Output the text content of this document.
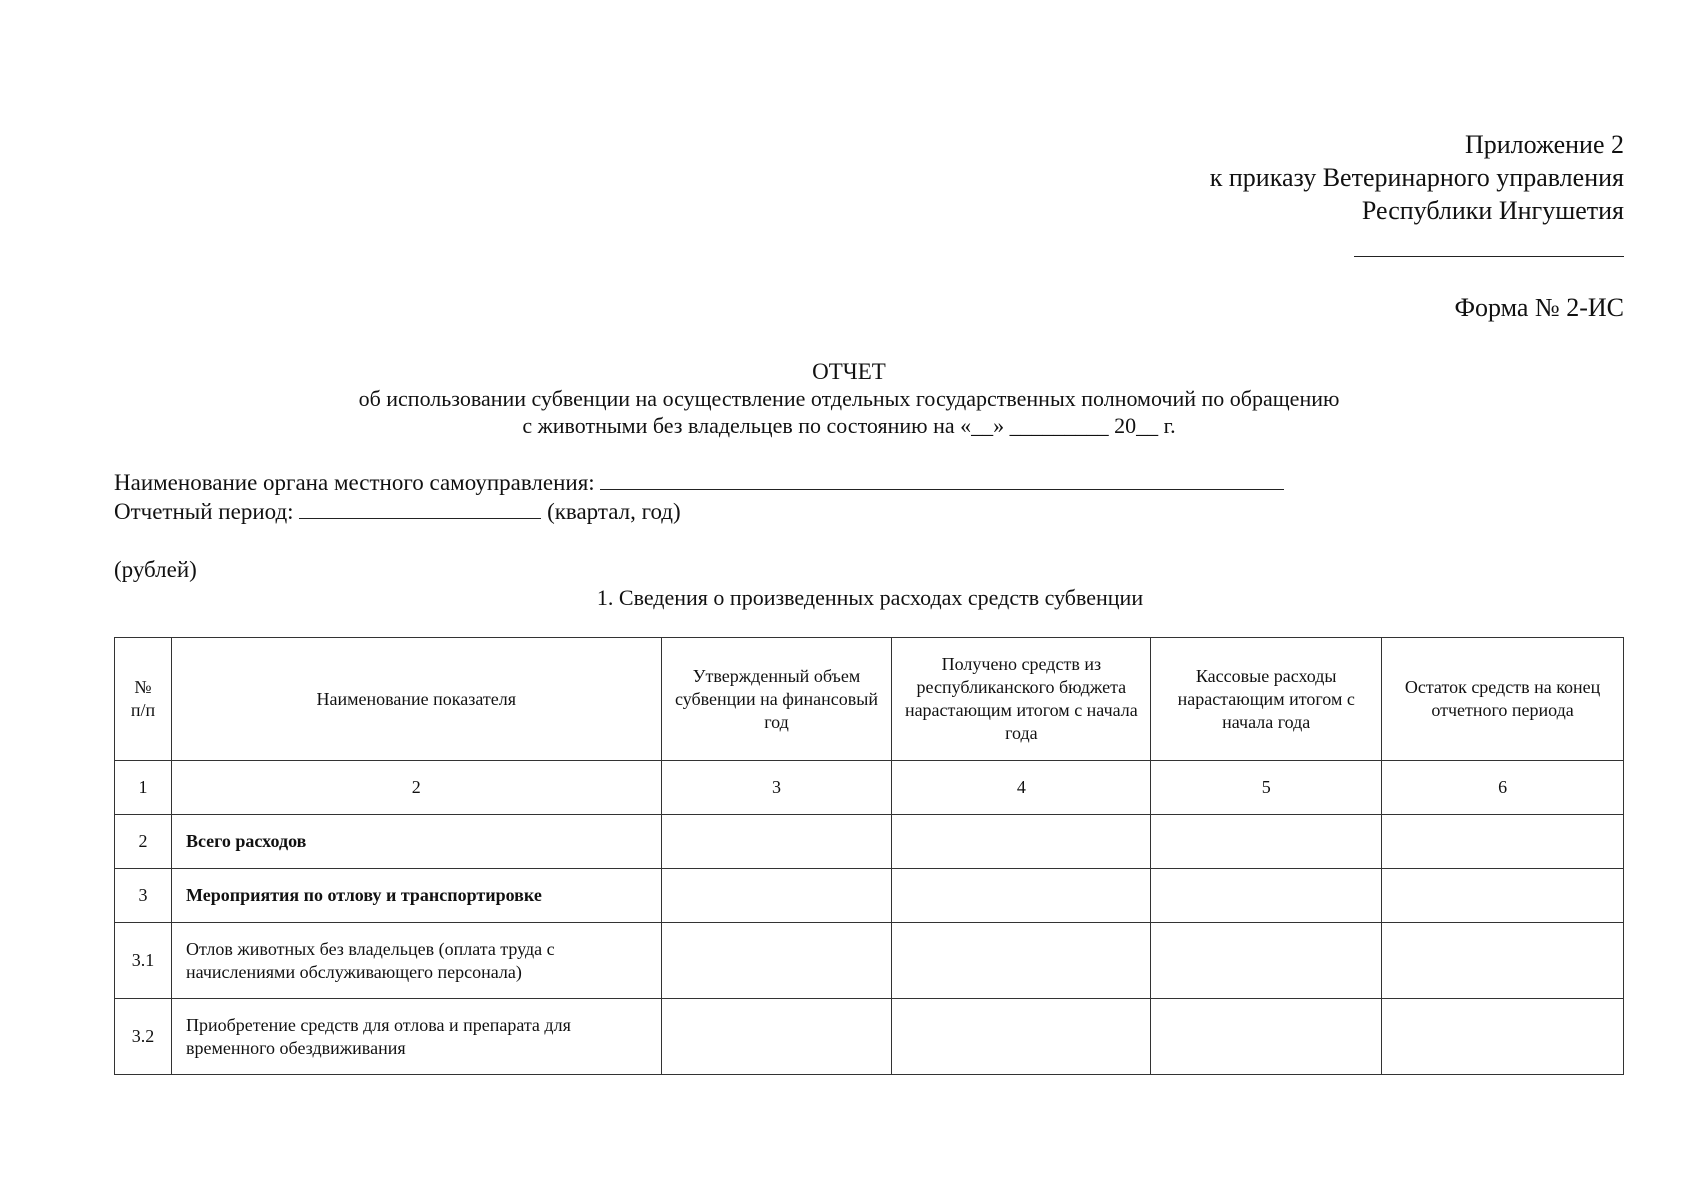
Приложение 2
к приказу Ветеринарного управления
Республики Ингушетия
Форма № 2-ИС
ОТЧЕТ
об использовании субвенции на осуществление отдельных государственных полномочий по обращению
с животными без владельцев по состоянию на «__» _________ 20__ г.
Наименование органа местного самоуправления:
Отчетный период:	(квартал, год)
(рублей)
1. Сведения о произведенных расходах средств субвенции
№ п/п	Наименование показателя	Утвержденный объем субвенции на финансовый год	Получено средств из республиканского бюджета нарастающим итогом с начала года	Кассовые расходы нарастающим итогом с начала года	Остаток средств на конец отчетного периода
1	2	3	4	5	6
2	Всего расходов				
3	Мероприятия по отлову и транспортировке				
3.1	Отлов животных без владельцев (оплата труда с начислениями обслуживающего персонала)				
3.2	Приобретение средств для отлова и препарата для временного обездвиживания				
